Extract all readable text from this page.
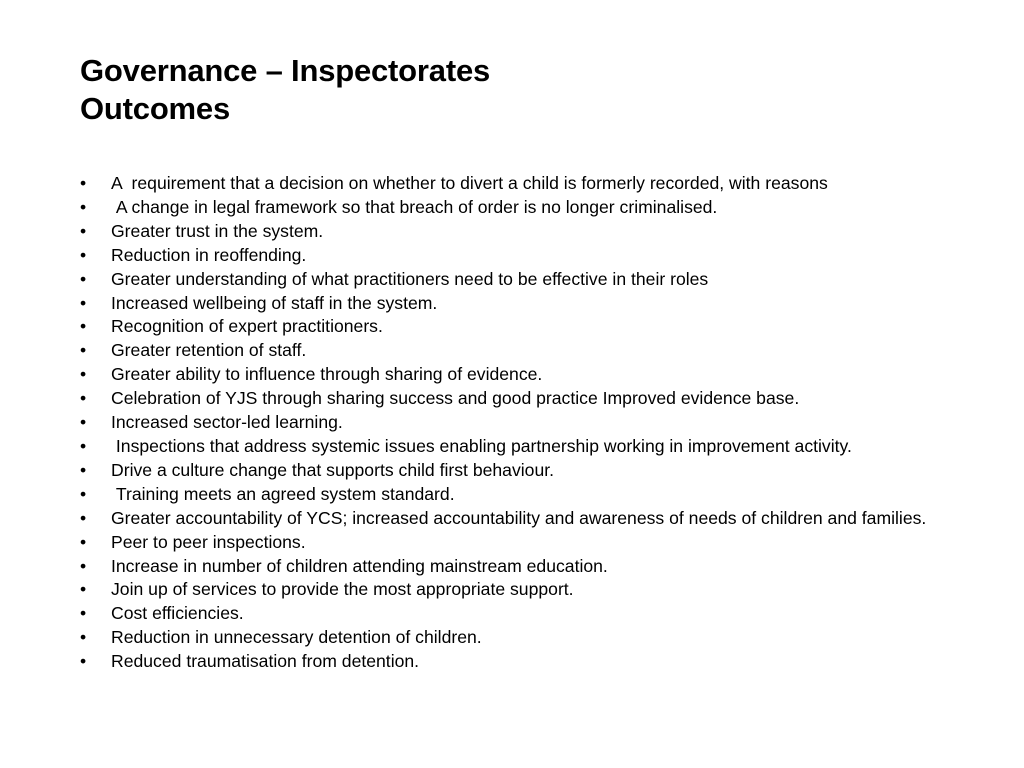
Governance – Inspectorates
Outcomes
•	A  requirement that a decision on whether to divert a child is formerly recorded, with reasons
•	A change in legal framework so that breach of order is no longer criminalised.
•	Greater trust in the system.
•	Reduction in reoffending.
•	Greater understanding of what practitioners need to be effective in their roles
•	Increased wellbeing of staff in the system.
•	Recognition of expert practitioners.
•	Greater retention of staff.
•	Greater ability to influence through sharing of evidence.
•	Celebration of YJS through sharing success and good practice Improved evidence base.
•	Increased sector-led learning.
•	Inspections that address systemic issues enabling partnership working in improvement activity.
•	Drive a culture change that supports child first behaviour.
•	Training meets an agreed system standard.
•	Greater accountability of YCS; increased accountability and awareness of needs of children and families.
•	Peer to peer inspections.
•	Increase in number of children attending mainstream education.
•	Join up of services to provide the most appropriate support.
•	Cost efficiencies.
•	Reduction in unnecessary detention of children.
•	Reduced traumatisation from detention.
